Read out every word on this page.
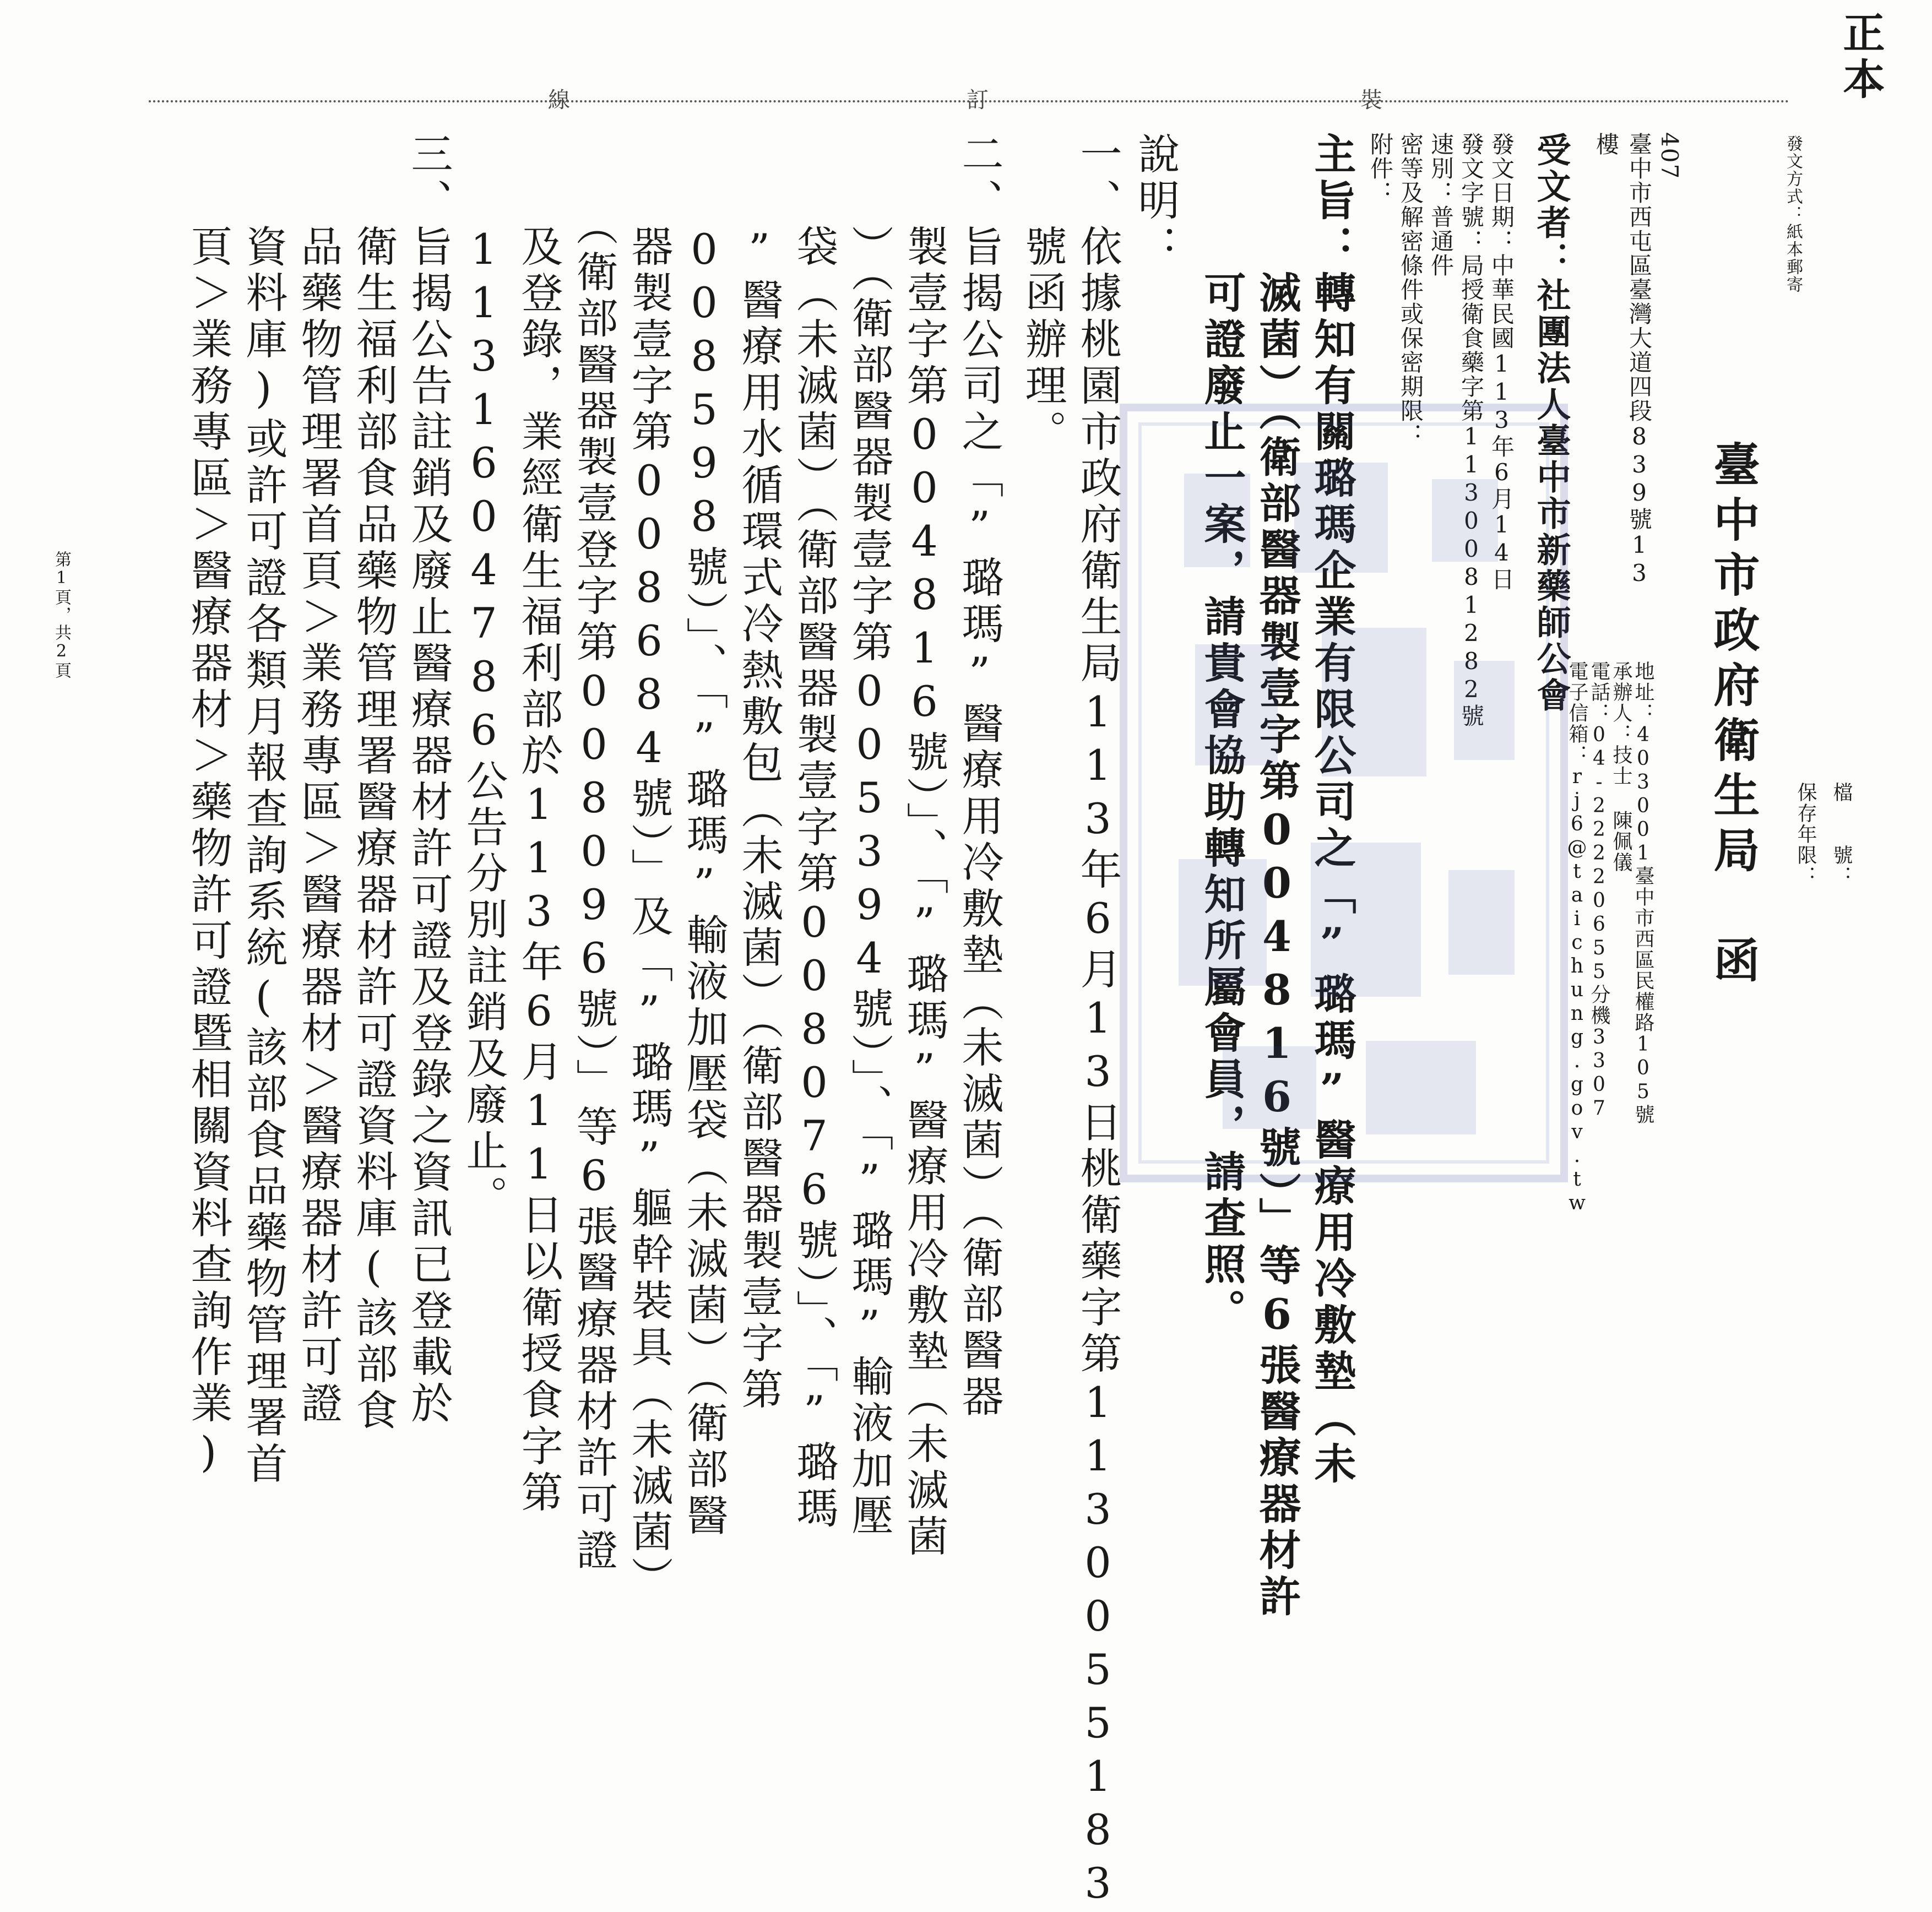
線	訂	裝	正本
發文方式：紙本郵寄
檔　　號：
保存年限：
臺中市政府衛生局　函
地址：403001臺中市西區民權路105號
承辦人：技士 陳佩儀
電話：04-22220655分機3307
電子信箱：rj6@taichung.gov.tw
407
臺中市西屯區臺灣大道四段839號13
樓
受文者：社團法人臺中市新藥師公會
發文日期：中華民國113年6月14日
發文字號：局授衛食藥字第1130081282號
速別：普通件
密等及解密條件或保密期限：
附件：
主旨：轉知有關璐瑪企業有限公司之「”璐瑪”醫療用冷敷墊（未
　　　滅菌）（衛部醫器製壹字第004816號）」等6張醫療器材許
　　　可證廢止一案，請貴會協助轉知所屬會員，請查照。
說明：
一、依據桃園市政府衛生局113年6月13日桃衛藥字第1130055183
　　號函辦理。
二、旨揭公司之「”璐瑪”醫療用冷敷墊（未滅菌）（衛部醫器
　　製壹字第004816號）」、「”璐瑪”醫療用冷敷墊（未滅菌
　　）（衛部醫器製壹字第005394號）」、「”璐瑪”輸液加壓
　　袋（未滅菌）（衛部醫器製壹字第008076號）」、「”璐瑪
　　”醫療用水循環式冷熱敷包（未滅菌）（衛部醫器製壹字第
　　008598號）」、「”璐瑪”輸液加壓袋（未滅菌）（衛部醫
　　器製壹字第008684號）」及「”璐瑪”軀幹裝具（未滅菌）
　　（衛部醫器製壹登字第008096號）」等6張醫療器材許可證
　　及登錄，業經衛生福利部於113年6月11日以衛授食字第
　　1131604786公告分別註銷及廢止。
三、旨揭公告註銷及廢止醫療器材許可證及登錄之資訊已登載於
　　衛生福利部食品藥物管理署醫療器材許可證資料庫(該部食
　　品藥物管理署首頁＞業務專區＞醫療器材＞醫療器材許可證
　　資料庫)或許可證各類月報查詢系統(該部食品藥物管理署首
　　頁＞業務專區＞醫療器材＞藥物許可證暨相關資料查詢作業)
第1頁，共2頁
